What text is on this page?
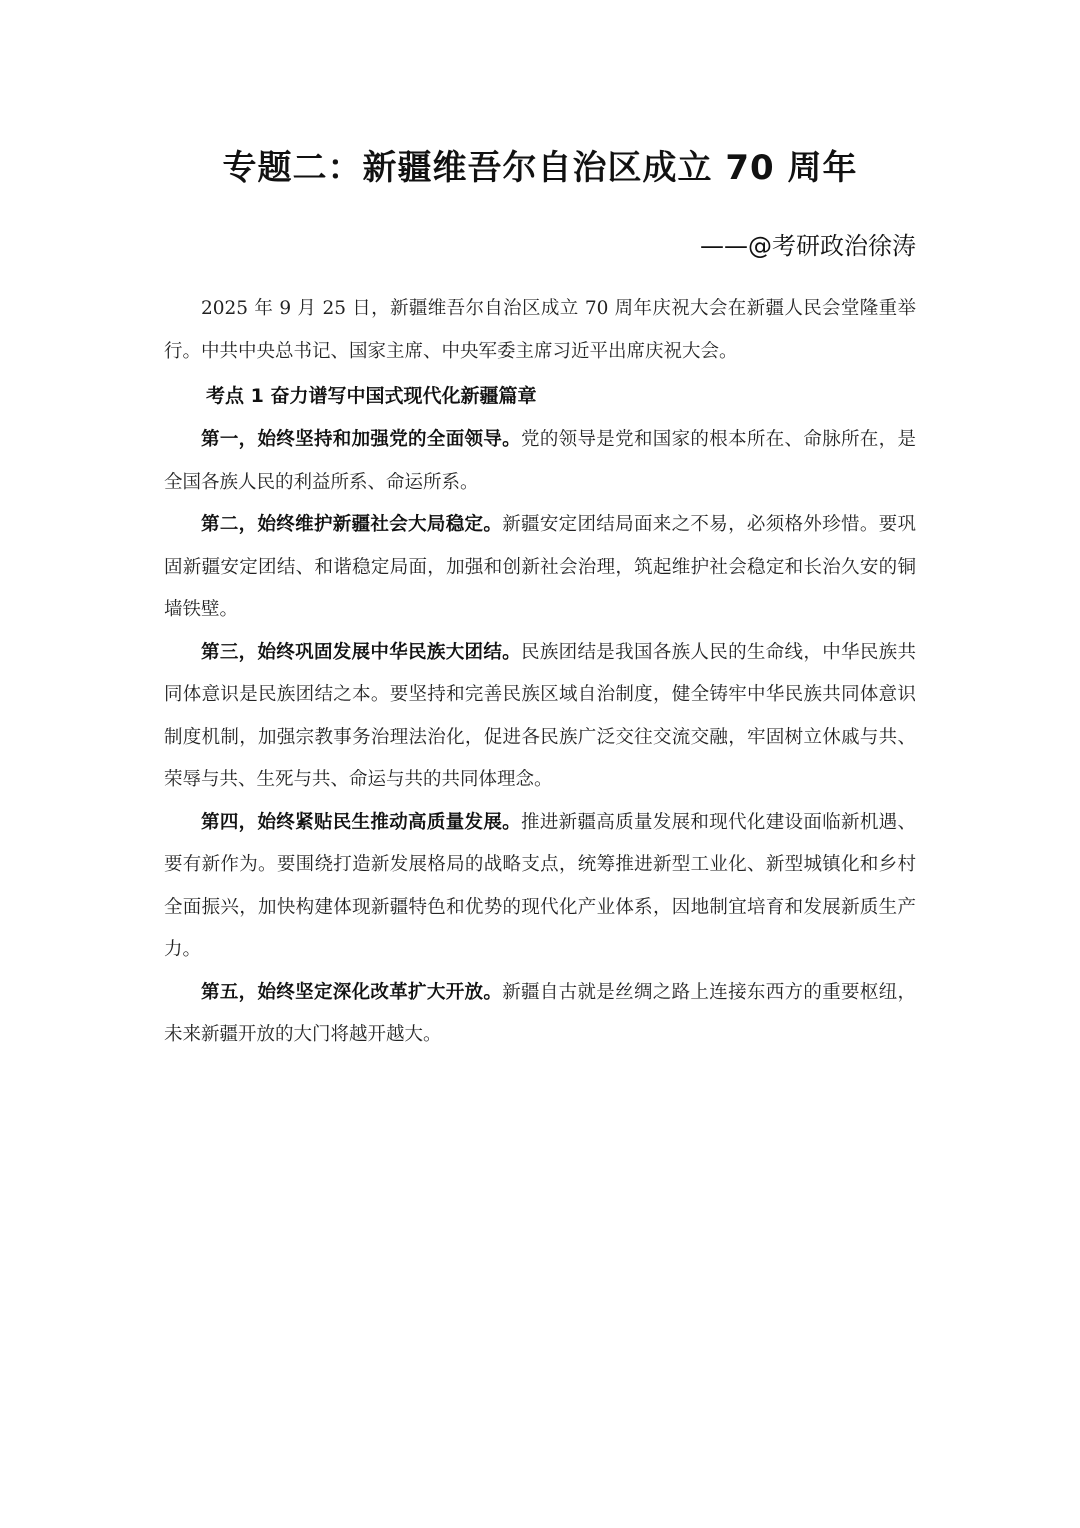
专题二：新疆维吾尔自治区成立 70 周年
——@考研政治徐涛

2025 年 9 月 25 日，新疆维吾尔自治区成立 70 周年庆祝大会在新疆人民会堂隆重举行。中共中央总书记、国家主席、中央军委主席习近平出席庆祝大会。

考点 1 奋力谱写中国式现代化新疆篇章

第一，始终坚持和加强党的全面领导。党的领导是党和国家的根本所在、命脉所在，是全国各族人民的利益所系、命运所系。

第二，始终维护新疆社会大局稳定。新疆安定团结局面来之不易，必须格外珍惜。要巩固新疆安定团结、和谐稳定局面，加强和创新社会治理，筑起维护社会稳定和长治久安的铜墙铁壁。

第三，始终巩固发展中华民族大团结。民族团结是我国各族人民的生命线，中华民族共同体意识是民族团结之本。要坚持和完善民族区域自治制度，健全铸牢中华民族共同体意识制度机制，加强宗教事务治理法治化，促进各民族广泛交往交流交融，牢固树立休戚与共、荣辱与共、生死与共、命运与共的共同体理念。

第四，始终紧贴民生推动高质量发展。推进新疆高质量发展和现代化建设面临新机遇、要有新作为。要围绕打造新发展格局的战略支点，统筹推进新型工业化、新型城镇化和乡村全面振兴，加快构建体现新疆特色和优势的现代化产业体系，因地制宜培育和发展新质生产力。

第五，始终坚定深化改革扩大开放。新疆自古就是丝绸之路上连接东西方的重要枢纽，未来新疆开放的大门将越开越大。
